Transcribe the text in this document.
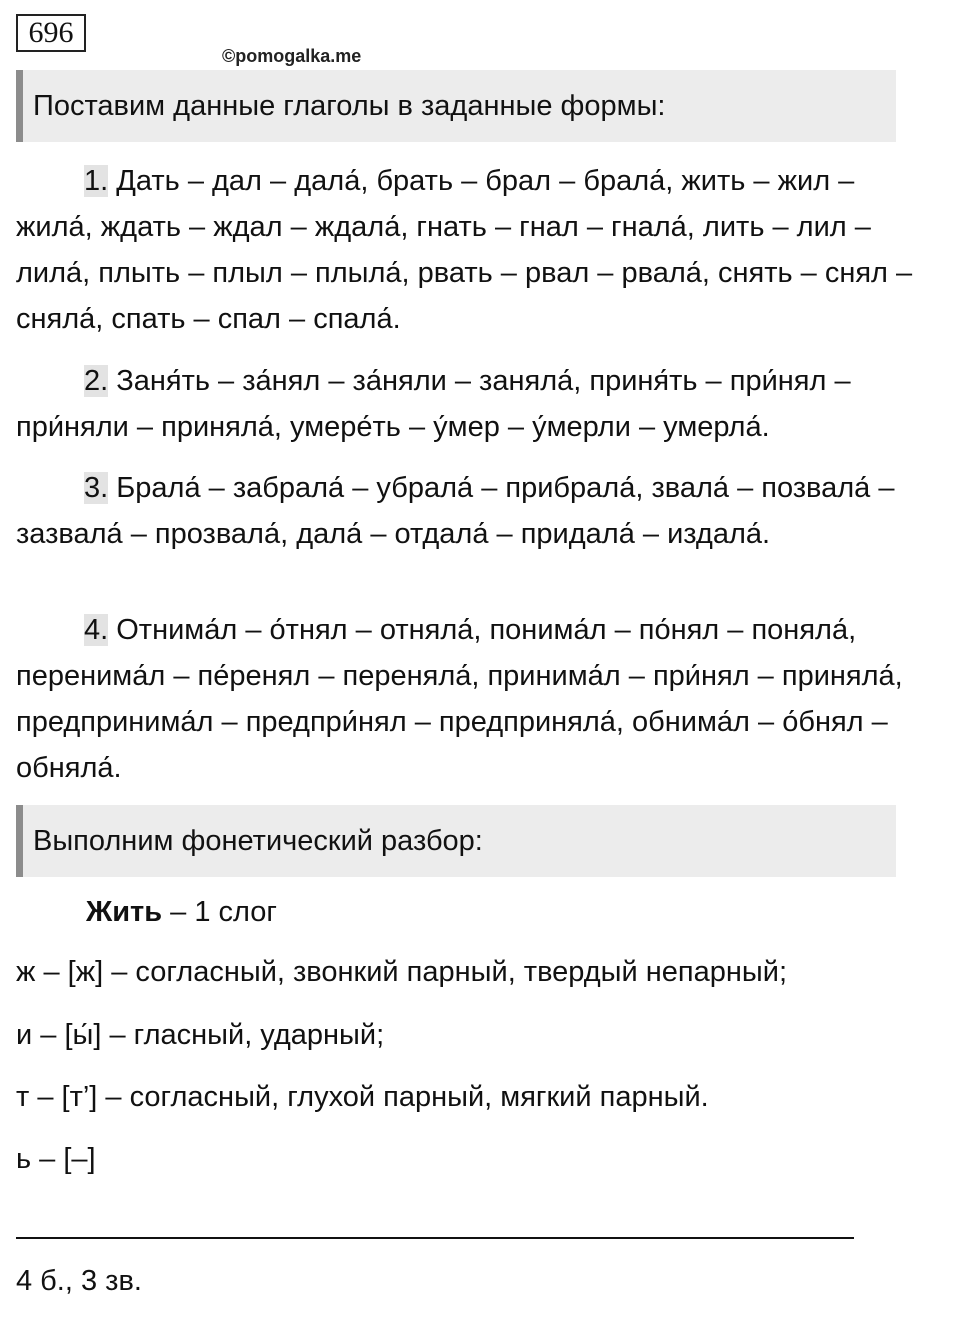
696
©pomogalka.me
Поставим данные глаголы в заданные формы:

1. Дать – дал – дала́, брать – брал – брала́, жить – жил – жила́, ждать – ждал – ждала́, гнать – гнал – гнала́, лить – лил – лила́, плыть – плыл – плыла́, рвать – рвал – рвала́, снять – снял – сняла́, спать – спал – спала́.

2. Заня́ть – за́нял – за́няли – заняла́, приня́ть – при́нял – при́няли – приняла́, умере́ть – у́мер – у́мерли – умерла́.

3. Брала́ – забрала́ – убрала́ – прибрала́, звала́ – позвала́ – зазвала́ – прозвала́, дала́ – отдала́ – придала́ – издала́.

4. Отнима́л – о́тнял – отняла́, понима́л – по́нял – поняла́, перенима́л – пе́ренял – переняла́, принима́л – при́нял – приняла́, предпринима́л – предпри́нял – предприняла́, обнима́л – о́бнял – обняла́.

Выполним фонетический разбор:
Жить – 1 слог
ж – [ж] – согласный, звонкий парный, твердый непарный;
и – [ы́] – гласный, ударный;
т – [т’] – согласный, глухой парный, мягкий парный.
ь – [–]
4 б., 3 зв.
